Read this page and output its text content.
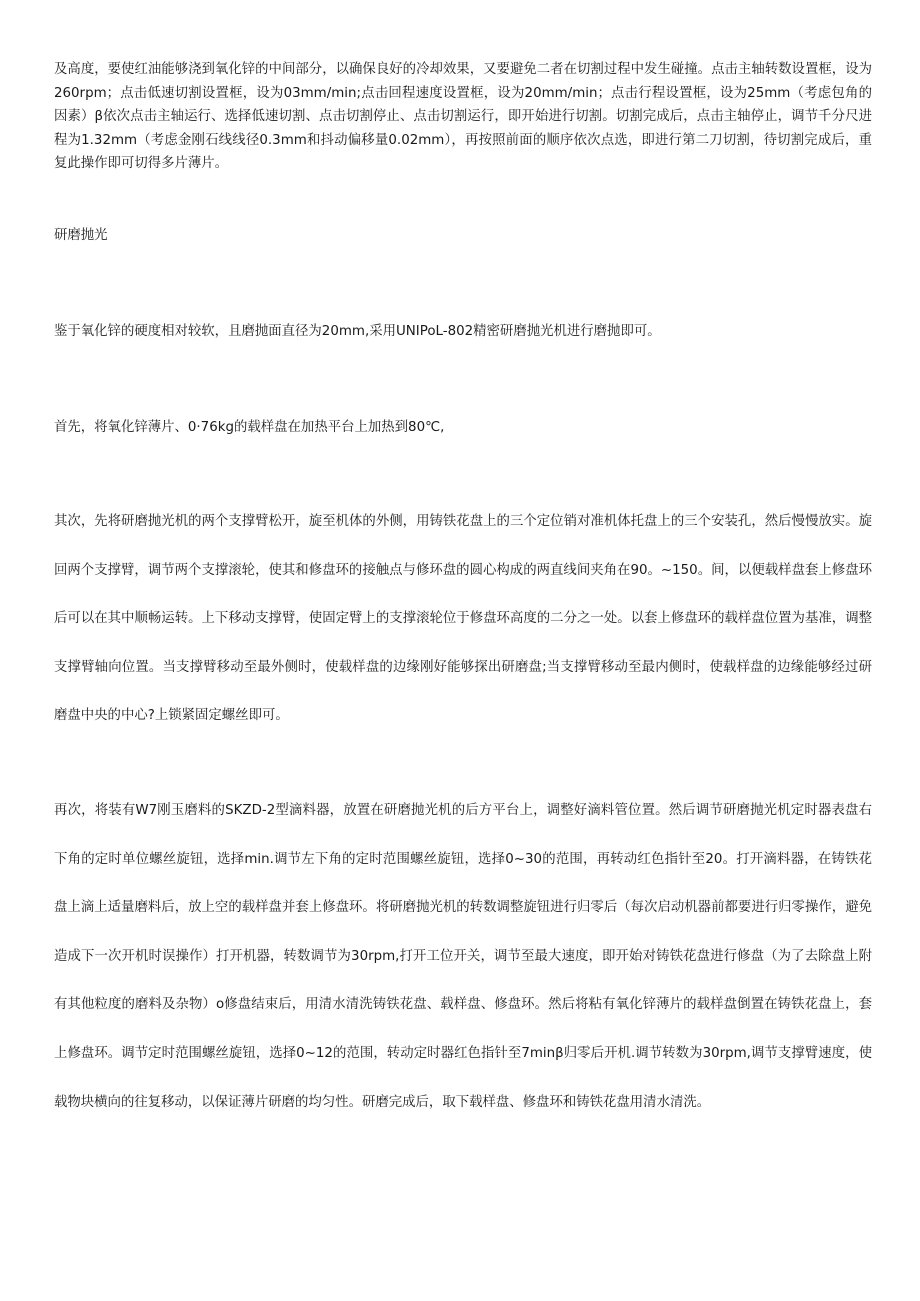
及高度，要使红油能够浇到氧化锌的中间部分，以确保良好的冷却效果，又要避免二者在切割过程中发生碰撞。点击主轴转数设置框，设为260rpm；点击低速切割设置框，设为03mm/min;点击回程速度设置框，设为20mm/min；点击行程设置框，设为25mm（考虑包角的因素）β依次点击主轴运行、选择低速切割、点击切割停止、点击切割运行，即开始进行切割。切割完成后，点击主轴停止，调节千分尺进程为1.32mm（考虑金刚石线线径0.3mm和抖动偏移量0.02mm），再按照前面的顺序依次点选，即进行第二刀切割，待切割完成后，重复此操作即可切得多片薄片。

研磨抛光

鉴于氧化锌的硬度相对较软，且磨抛面直径为20mm,采用UNIPoL-802精密研磨抛光机进行磨抛即可。

首先，将氧化锌薄片、0·76kg的载样盘在加热平台上加热到80℃,

其次，先将研磨抛光机的两个支撑臂松开，旋至机体的外侧，用铸铁花盘上的三个定位销对准机体托盘上的三个安装孔，然后慢慢放实。旋回两个支撑臂，调节两个支撑滚轮，使其和修盘环的接触点与修环盘的圆心构成的两直线间夹角在90。~150。间，以便载样盘套上修盘环后可以在其中顺畅运转。上下移动支撑臂，使固定臂上的支撑滚轮位于修盘环高度的二分之一处。以套上修盘环的载样盘位置为基准，调整支撑臂轴向位置。当支撑臂移动至最外侧时，使载样盘的边缘刚好能够探出研磨盘;当支撑臂移动至最内侧时，使载样盘的边缘能够经过研磨盘中央的中心?上锁紧固定螺丝即可。

再次，将装有W7刚玉磨料的SKZD-2型滴料器，放置在研磨抛光机的后方平台上，调整好滴料管位置。然后调节研磨抛光机定时器表盘右下角的定时单位螺丝旋钮，选择min.调节左下角的定时范围螺丝旋钮，选择0~30的范围，再转动红色指针至20。打开滴料器，在铸铁花盘上滴上适量磨料后，放上空的载样盘并套上修盘环。将研磨抛光机的转数调整旋钮进行归零后（每次启动机器前都要进行归零操作，避免造成下一次开机时误操作）打开机器，转数调节为30rpm,打开工位开关，调节至最大速度，即开始对铸铁花盘进行修盘（为了去除盘上附有其他粒度的磨料及杂物）o修盘结束后，用清水清洗铸铁花盘、载样盘、修盘环。然后将粘有氧化锌薄片的载样盘倒置在铸铁花盘上，套上修盘环。调节定时范围螺丝旋钮，选择0~12的范围，转动定时器红色指针至7minβ归零后开机.调节转数为30rpm,调节支撑臂速度，使载物块横向的往复移动，以保证薄片研磨的均匀性。研磨完成后，取下载样盘、修盘环和铸铁花盘用清水清洗。
